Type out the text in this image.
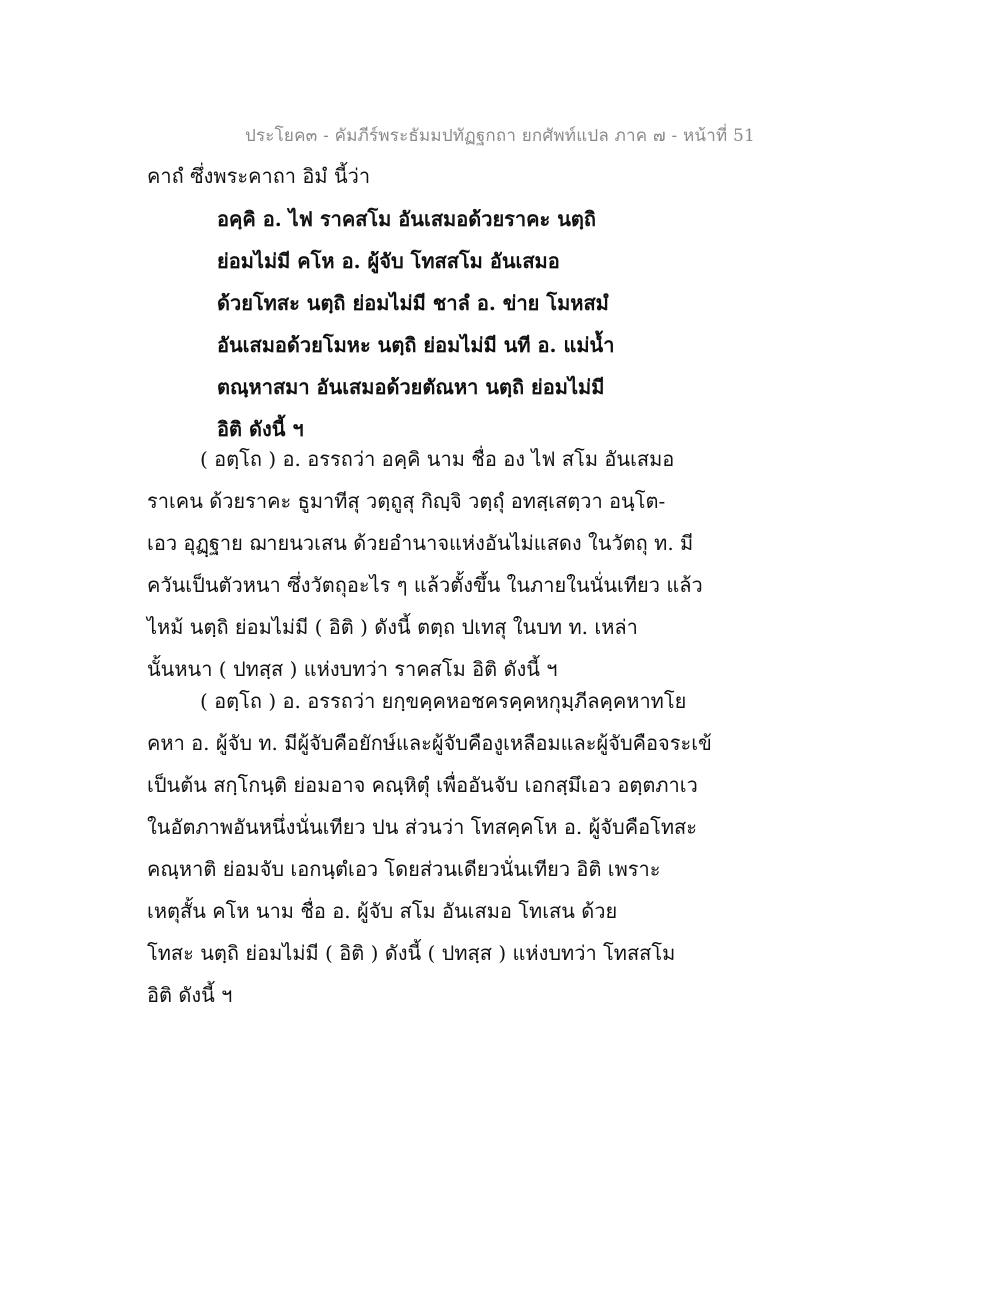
ประโยค๓ - คัมภีร์พระธัมมปทัฏฐกถา ยกศัพท์แปล ภาค ๗ - หน้าที่ 51
คาถํ ซึ่งพระคาถา อิมํ นี้ว่า
อคฺคิ อ. ไฟ ราคสโม อันเสมอด้วยราคะ นตฺถิ
ย่อมไม่มี คโห อ. ผู้จับ โทสสโม อันเสมอ
ด้วยโทสะ นตฺถิ ย่อมไม่มี ชาลํ อ. ข่าย โมหสมํ
อันเสมอด้วยโมหะ นตฺถิ ย่อมไม่มี นที อ. แม่น้ำ
ตณฺหาสมา อันเสมอด้วยตัณหา นตฺถิ ย่อมไม่มี
อิติ ดังนี้ ฯ
( อตฺโถ ) อ. อรรถว่า อคฺคิ นาม ชื่อ อง ไฟ สโม อันเสมอ
ราเคน ด้วยราคะ ธูมาทีสุ วตฺถูสุ กิญฺจิ วตฺถุํ อทสฺเสตฺวา อนฺโต-
เอว อุฏฺฐาย ฌายนวเสน ด้วยอำนาจแห่งอันไม่แสดง ในวัตถุ ท. มี
ควันเป็นตัวหนา ซึ่งวัตถุอะไร ๆ แล้วตั้งขึ้น ในภายในนั่นเทียว แล้ว
ไหม้ นตฺถิ ย่อมไม่มี ( อิติ ) ดังนี้ ตตฺถ ปเทสุ ในบท ท. เหล่า
นั้นหนา ( ปทสฺส ) แห่งบทว่า ราคสโม อิติ ดังนี้ ฯ
( อตฺโถ ) อ. อรรถว่า ยกฺขคฺคหอชครคฺคหกุมฺภีลคฺคหาทโย
คหา อ. ผู้จับ ท. มีผู้จับคือยักษ์และผู้จับคืองูเหลือมและผู้จับคือจระเข้
เป็นต้น สกฺโกนฺติ ย่อมอาจ คณฺหิตุํ เพื่ออันจับ เอกสฺมึเอว อตฺตภาเว
ในอัตภาพอันหนึ่งนั่นเทียว ปน ส่วนว่า โทสคฺคโห อ. ผู้จับคือโทสะ
คณฺหาติ ย่อมจับ เอกนฺตํเอว โดยส่วนเดียวนั่นเทียว อิติ เพราะ
เหตุสั้น คโห นาม ชื่อ อ. ผู้จับ สโม อันเสมอ โทเสน ด้วย
โทสะ นตฺถิ ย่อมไม่มี ( อิติ ) ดังนี้ ( ปทสฺส ) แห่งบทว่า โทสสโม
อิติ ดังนี้ ฯ
